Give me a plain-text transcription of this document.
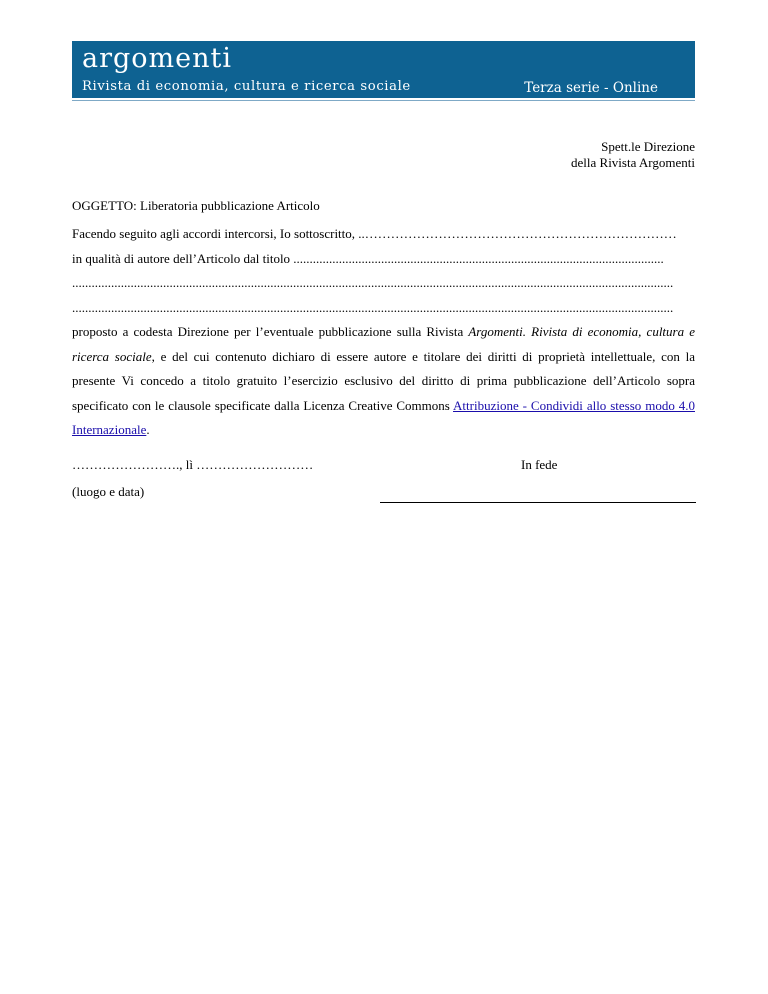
argomenti
Rivista di economia, cultura e ricerca sociale	Terza serie - Online
Spett.le Direzione
della Rivista Argomenti
OGGETTO: Liberatoria pubblicazione Articolo
Facendo seguito agli accordi intercorsi, Io sottoscritto, ..………………………………………………………………
in qualità di autore dell’Articolo dal titolo ..................................................................................................................
.........................................................................................................................................................................................
.........................................................................................................................................................................................
proposto a codesta Direzione per l’eventuale pubblicazione sulla Rivista Argomenti. Rivista di economia, cultura e ricerca sociale, e del cui contenuto dichiaro di essere autore e titolare dei diritti di proprietà intellettuale, con la presente Vi concedo a titolo gratuito l’esercizio esclusivo del diritto di prima pubblicazione dell’Articolo sopra specificato con le clausole specificate dalla Licenza Creative Commons Attribuzione - Condividi allo stesso modo 4.0 Internazionale.
……………………., lì ………………………
(luogo e data)
In fede
